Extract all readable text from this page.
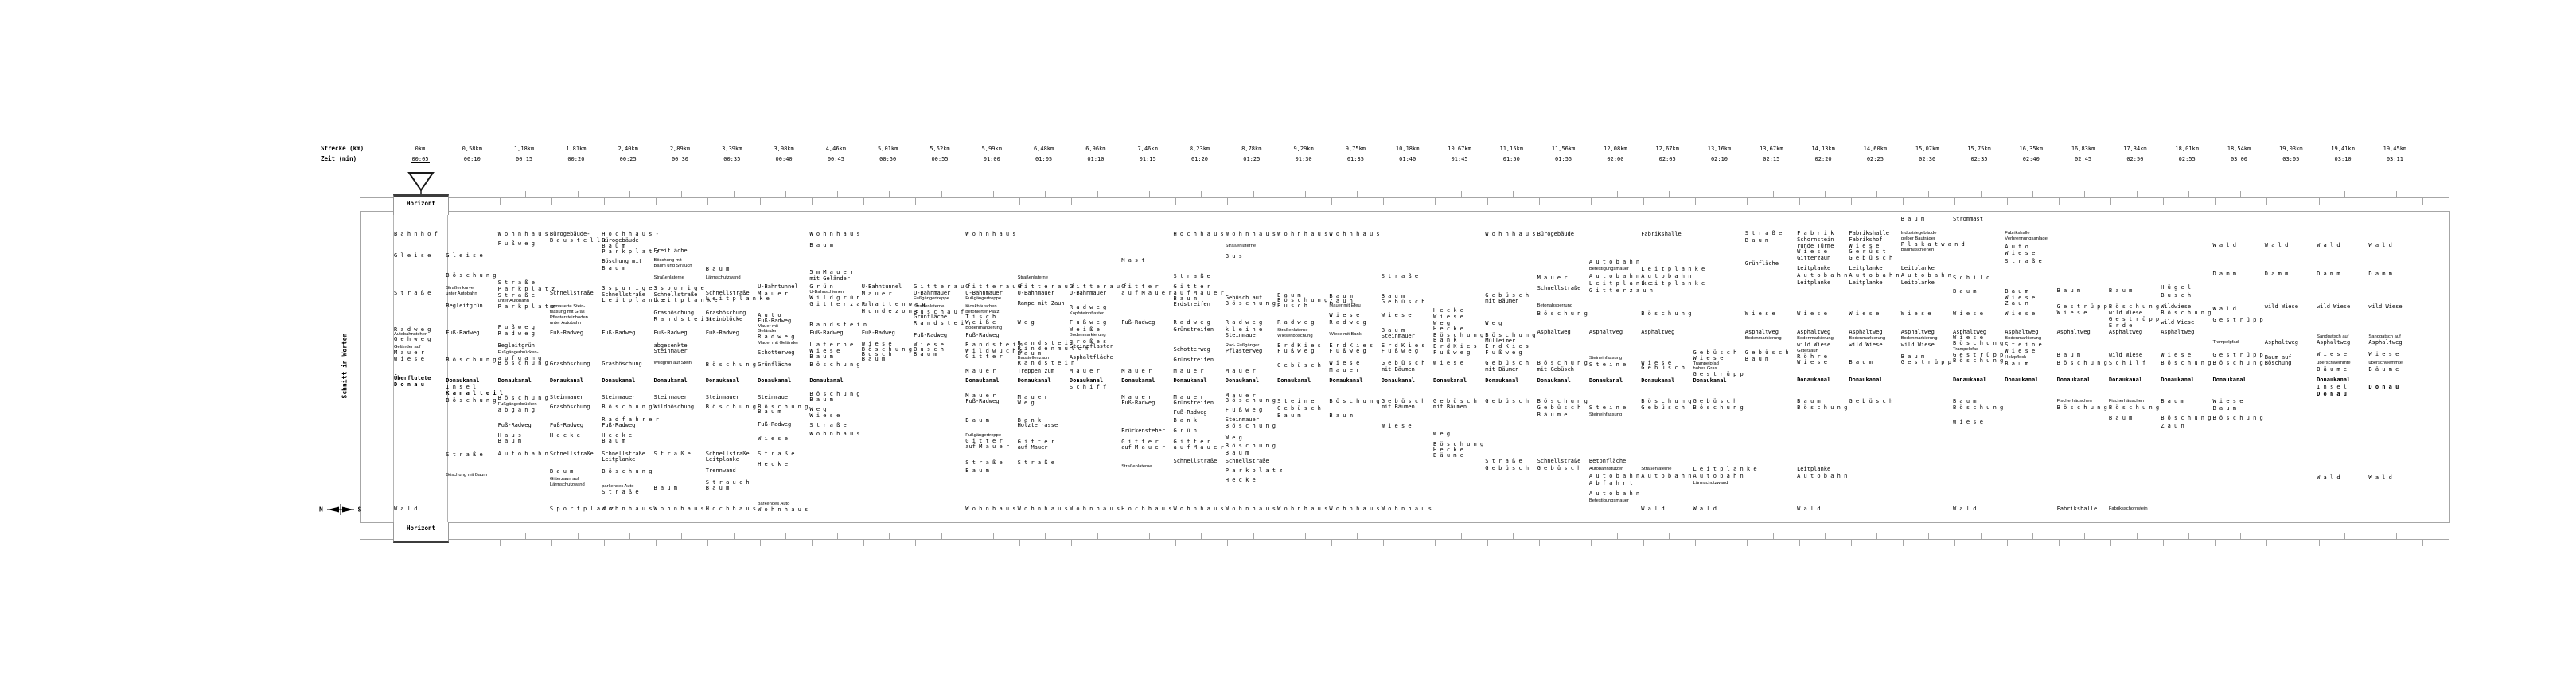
Strecke (km)
Zeit (min)
Horizont
Horizont
Schnitt in Worten
N	S
0km
00:05
B a h n h o f
G l e i s e
S t r a ß e
R a d w e g
Autobahnsteher
G e h w e g
Geländer auf
M a u e r
W i e s e
Überflutete
D o n a u
W a l d
0,58km
00:10
G l e i s e
B ö s c h u n g
Straßenkurve
unter Autobahn
Begleitgrün
Fuß-Radweg
B ö s c h u n g
Donaukanal
I n s e l
K a n a l t e i l
B ö s c h u n g
S t r a ß e
Böschung mit Baum
1,18km
00:15
W o h n h a u s
F u ß w e g
S t r a ß e
P a r k p l a t z
S t r a ß e
unter Autobahn
P a r k p l a t z
F u ß w e g
R a d w e g
Begleitgrün
Fußgängerbrücken-
a u f g a n g
B ö s c h u n g
Donaukanal
B ö s c h u n g
Fußgängerbrücken-
a b g a n g
Fuß-Radweg
H a u s
B a u m
A u t o b a h n
1,81km
00:20
Bürogebäude-
B a u s t e l l e
Schnellstraße
gemauerte Stein-
fassung mit Gras
Pflastersteinboden
unter Autobahn
Fuß-Radweg
Grasböschung
Donaukanal
Steinmauer
Grasböschung
Fuß-Radweg
H e c k e
Schnellstraße
B a u m
Gitterzaun auf
Lärmschutzwand
S p o r t p l a t z
2,40km
00:25
H o c h h a u s -
Bürogebäude
B a u m
P a r k p l a t z
Böschung mit
B a u m
3 s p u r i g e
Schnellstraße
L e i t p l a n k e
Fuß-Radweg
Grasböschung
Donaukanal
Steinmauer
B ö s c h u n g
R a d f a h r e r
Fuß-Radweg
H e c k e
B a u m
Schnellstraße
Leitplanke
B ö s c h u n g
parkendes Auto
S t r a ß e
W o h n h a u s
2,89km
00:30
Freifläche
Böschung mit
Baum und Strauch
Straßenlaterne
3 s p u r i g e
Schnellstraße
L e i t p l a n k e
Grasböschung
R a n d s t e i n
Fuß-Radweg
abgesenkte
Steinmauer
Wildgrün auf Stein
Donaukanal
Steinmauer
Wildböschung
S t r a ß e
B a u m
W o h n h a u s
3,39km
00:35
B a u m
Lärmschutzwand
Schnellstraße
L e i t p l a n k e
Grasböschung
Steinblöcke
Fuß-Radweg
B ö s c h u n g
Donaukanal
Steinmauer
B ö s c h u n g
Schnellstraße
Leitplanke
Trennwand
S t r a u c h
B a u m
H o c h h a u s
3,98km
00:40
U-Bahntunnel
M a u e r
A u t o
Fuß-Radweg
Mauer mit
Geländer
R a d w e g
Mauer mit Geländer
Schotterweg
Grünfläche
Donaukanal
Steinmauer
B ö s c h u n g
B a u m
Fuß-Radweg
W i e s e
S t r a ß e
H e c k e
parkendes Auto
W o h n h a u s
4,46km
00:45
W o h n h a u s
B a u m
5 m M a u e r
mit Geländer
G r ü n
U-Bahnschienen
W i l d g r ü n
G i t t e r z a u n
R a n d s t e i n
Fuß-Radweg
L a t e r n e
W i e s e
B a u m
B ö s c h u n g
Donaukanal
B ö s c h u n g
B a u m
W e g
W i e s e
S t r a ß e
W o h n h a u s
5,01km
00:50
U-Bahntunnel
M a u e r
P l a t t e n w e g
H u n d e z o n e
Fuß-Radweg
W i e s e
B ö s c h u n g
B u s c h
B a u m
5,52km
00:55
G i t t e r a u f
U-Bahnmauer
Fußgängertreppe
Straßenlaterne
B u s c h a u f
Grünfläche
R a n d s t e i n
Fuß-Radweg
W i e s e
B u s c h
B a u m
5,99km
01:00
W o h n h a u s
G i t t e r a u f
U-Bahnmauer
Fußgängertreppe
Kioskhäuschen
betonierter Platz
T i s c h
W e i ß e
Bodenmarkierung
Fuß-Radweg
R a n d s t e i n
W i l d w u c h s
G i t t e r
M a u e r
Donaukanal
M a u e r
Fuß-Radweg
B a u m
Fußgängertreppe
G i t t e r
auf M a u e r
S t r a ß e
B a u m
W o h n h a u s
6,48km
01:05
Straßenlaterne
G i t t e r a u f
U-Bahnmauer
Rampe mit Zaun
W e g
R a n d s t e i n
R i n d e n m u l c h
B a u m
Baustellenzaun
R a n d s t e i n
Treppen zum
Donaukanal
M a u e r
W e g
B a n k
Holzterrasse
G i t t e r
auf Mauer
S t r a ß e
W o h n h a u s
6,96km
01:10
G i t t e r a u f
U-Bahnmauer
R a d w e g
Kopfsteinpflaster
F u ß w e g
W e i ß e
Bodenmarkierung
g r o ß e s
Steinpflaster
Asphaltfläche
M a u e r
Donaukanal
S c h i f f
W o h n h a u s
7,46km
01:15
M a s t
G i t t e r
a u f M a u e r
Fuß-Radweg
M a u e r
Donaukanal
M a u e r
Fuß-Radweg
Brückensteher
G i t t e r
auf M a u e r
Straßenlaterne
H o c h h a u s
8,23km
01:20
H o c h h a u s
S t r a ß e
G i t t e r
a u f M a u e r
B a u m
Erdstreifen
R a d w e g
Grünstreifen
Schotterweg
Grünstreifen
M a u e r
Donaukanal
M a u e r
Grünstreifen
Fuß-Radweg
B a n k
G r ü n
G i t t e r
a u f M a u e r
Schnellstraße
W o h n h a u s
8,78km
01:25
W o h n h a u s
Straßenlaterne
B u s
Gebüsch auf
B ö s c h u n g
R a d w e g
k l e i n e
Steinmauer
Rad- Fußgänger
Pflasterweg
M a u e r
Donaukanal
M a u e r
B ö s c h u n g
F u ß w e g
Steinmauer
B ö s c h u n g
W e g
B ö s c h u n g
B a u m
Schnellstraße
P a r k p l a t z
H e c k e
W o h n h a u s
9,29km
01:30
W o h n h a u s
B a u m
B ö s c h u n g
B u s c h
R a d w e g
Straßenlaterne
Wiesenböschung
E r d K i e s
F u ß w e g
G e b ü s c h
Donaukanal
S t e i n e
G e b ü s c h
B a u m
W o h n h a u s
9,75km
01:35
W o h n h a u s
B a u m
Z a u n
Mauer mit Efeu
W i e s e
R a d w e g
Wiese mit Bank
E r d K i e s
F u ß w e g
W i e s e
M a u e r
Donaukanal
B ö s c h u n g
B a u m
W o h n h a u s
10,18km
01:40
S t r a ß e
B a u m
G e b ü s c h
W i e s e
B a u m
Steinmauer
E r d K i e s
F u ß w e g
G e b ü s c h
mit Bäumen
Donaukanal
G e b ü s c h
mit Bäumen
W i e s e
W o h n h a u s
10,67km
01:45
H e c k e
W i e s e
W e g
H e c k e
B ö s c h u n g
B a n k
E r d K i e s
F u ß w e g
W i e s e
Donaukanal
G e b ü s c h
mit Bäumen
W e g
B ö s c h u n g
H e c k e
B ä u m e
11,15km
01:50
W o h n h a u s
G e b ü s c h
mit Bäumen
W e g
B ö s c h u n g
Mülleimer
E r d K i e s
F u ß w e g
G e b ü s c h
mit Bäumen
Donaukanal
G e b ü s c h
S t r a ß e
G e b ü s c h
11,56km
01:55
Bürogebäude
M a u e r
Schnellstraße
Betonabsperrung
B ö s c h u n g
Asphaltweg
B ö s c h u n g
mit Gebüsch
Donaukanal
B ö s c h u n g
G e b ü s c h
B ä u m e
Schnellstraße
G e b ü s c h
12,08km
02:00
A u t o b a h n
Befestigungsmauer
A u t o b a h n
L e i t p l a n k e
G i t t e r z a u n
Asphaltweg
Steineinfassung
S t e i n e
Donaukanal
S t e i n e
Steineinfassung
Betonfläche
Autobahnstützen
A u t o b a h n
A b f a h r t
A u t o b a h n
Befestigungsmauer
12,67km
02:05
Fabrikshalle
L e i t p l a n k e
A u t o b a h n
L e i t p l a n k e
B ö s c h u n g
Asphaltweg
W i e s e
G e b ü s c h
Donaukanal
B ö s c h u n g
G e b ü s c h
Straßenlaterne
A u t o b a h n
W a l d
13,16km
02:10
G e b ü s c h
W i e s e
Trampelpfad
hohes Gras
G e s t r ü p p
Donaukanal
G e b ü s c h
B ö s c h u n g
L e i t p l a n k e
A u t o b a h n
Lärmschutzwand
W a l d
13,67km
02:15
S t r a ß e
B a u m
Grünfläche
W i e s e
Asphaltweg
Bodenmarkierung
G e b ü s c h
B a u m
14,13km
02:20
F a b r i k
Schornstein
runde Türme
W i e s e
Gitterzaun
Leitplanke
A u t o b a h n
Leitplanke
W i e s e
Asphaltweg
Bodenmarkierung
wild Wiese
Gitterzaun
R ö h r e
W i e s e
Donaukanal
B a u m
B ö s c h u n g
Leitplanke
A u t o b a h n
W a l d
14,60km
02:25
Fabrikshalle
Fabrikshof
W i e s e
G e r ü s t
G e b ü s c h
Leitplanke
A u t o b a h n
Leitplanke
W i e s e
Asphaltweg
Bodenmarkierung
wild Wiese
B a u m
Donaukanal
G e b ü s c h
15,07km
02:30
B a u m
Industriegebäude
gelber Bauträger
P l a k a t w a n d
Baumaschienen
Leitplanke
A u t o b a h n
Leitplanke
W i e s e
Asphaltweg
Bodenmarkierung
wild Wiese
B a u m
G e s t r ü p p
15,75km
02:35
Strommast
S c h i l d
B a u m
W i e s e
Asphaltweg
W i e s e
B ö s c h u n g
Trampelpfad
G e s t r ü p p
B ö s c h u n g
Donaukanal
B a u m
B ö s c h u n g
W i e s e
W a l d
16,35km
02:40
Fabrikshalle
Verbrennungsanlage
A u t o
W i e s e
S t r a ß e
B a u m
W i e s e
Z a u n
W i e s e
Asphaltweg
Bodenmarkierung
S t e i n e
W i e s e
Holzpflock
B a u m
Donaukanal
16,83km
02:45
B a u m
G e s t r ü p p
W i e s e
Asphaltweg
B a u m
B ö s c h u n g
Donaukanal
Fischerhäuschen
B ö s c h u n g
Fabrikshalle
17,34km
02:50
B a u m
B ö s c h u n g
wild Wiese
G e s t r ü p p
E r d e
Asphaltweg
wild Wiese
S c h i l f
Donaukanal
Fischerhäuschen
B ö s c h u n g
B a u m
Fabriksschornstein
18,01km
02:55
H ü g e l
B u s c h
Wildwiese
B ö s c h u n g
wild Wiese
Asphaltweg
W i e s e
B ö s c h u n g
Donaukanal
B a u m
B ö s c h u n g
Z a u n
18,54km
03:00
W a l d
D a m m
W a l d
G e s t r ü p p
Trampelpfad
G e s t r ü p p
B ö s c h u n g
Donaukanal
W i e s e
B a u m
B ö s c h u n g
19,03km
03:05
W a l d
D a m m
wild Wiese
Asphaltweg
Baum auf
Böschung
19,41km
03:10
W a l d
D a m m
wild Wiese
Sandgatsch auf
Asphaltweg
W i e s e
überschwemmte
B ä u m e
Donaukanal
I n s e l
D o n a u
W a l d
19,45km
03:11
W a l d
D a m m
wild Wiese
Sandgatsch auf
Asphaltweg
W i e s e
überschwemmte
B ä u m e
D o n a u
W a l d
